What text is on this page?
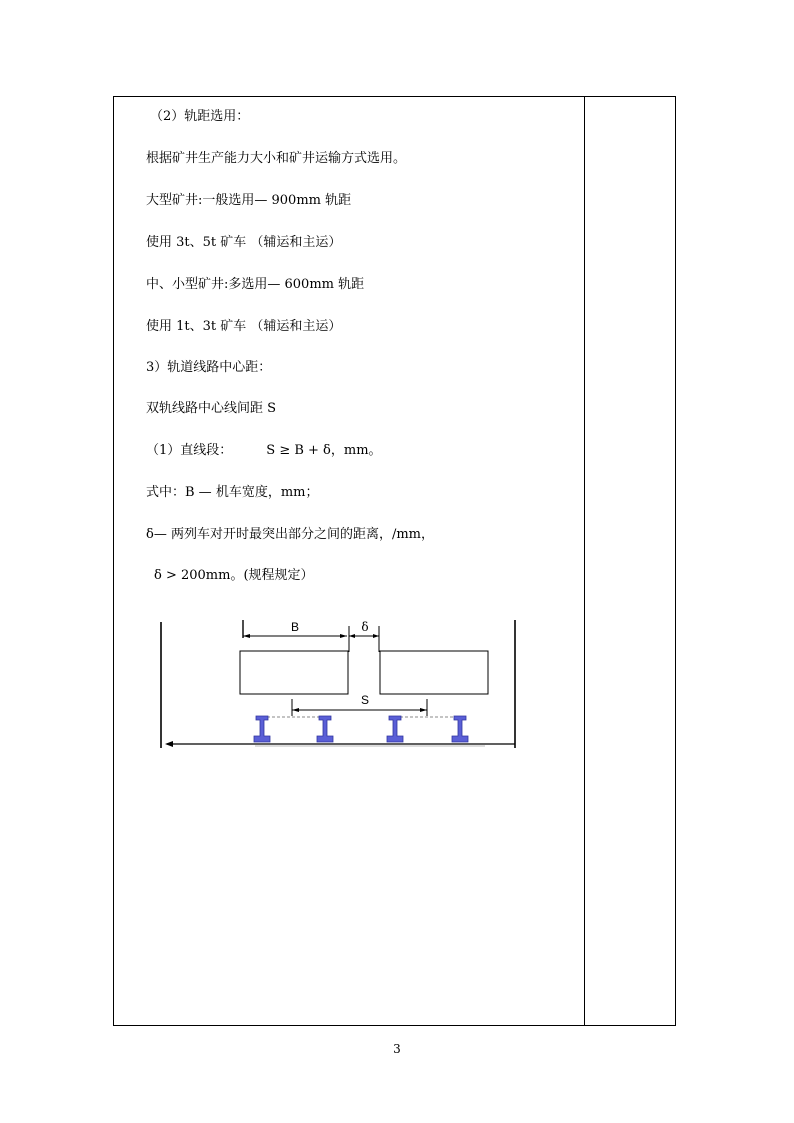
（2）轨距选用：
根据矿井生产能力大小和矿井运输方式选用。
大型矿井:一般选用— 900mm 轨距
使用 3t、5t 矿车 （辅运和主运）
中、小型矿井:多选用— 600mm 轨距
使用 1t、3t 矿车 （辅运和主运）
3）轨道线路中心距：
双轨线路中心线间距 S
（1）直线段：	S ≥ B + δ，mm。
式中：B — 机车宽度，mm；
δ— 两列车对开时最突出部分之间的距离，/mm，
δ > 200mm。(规程规定）
B	δ
S
3
